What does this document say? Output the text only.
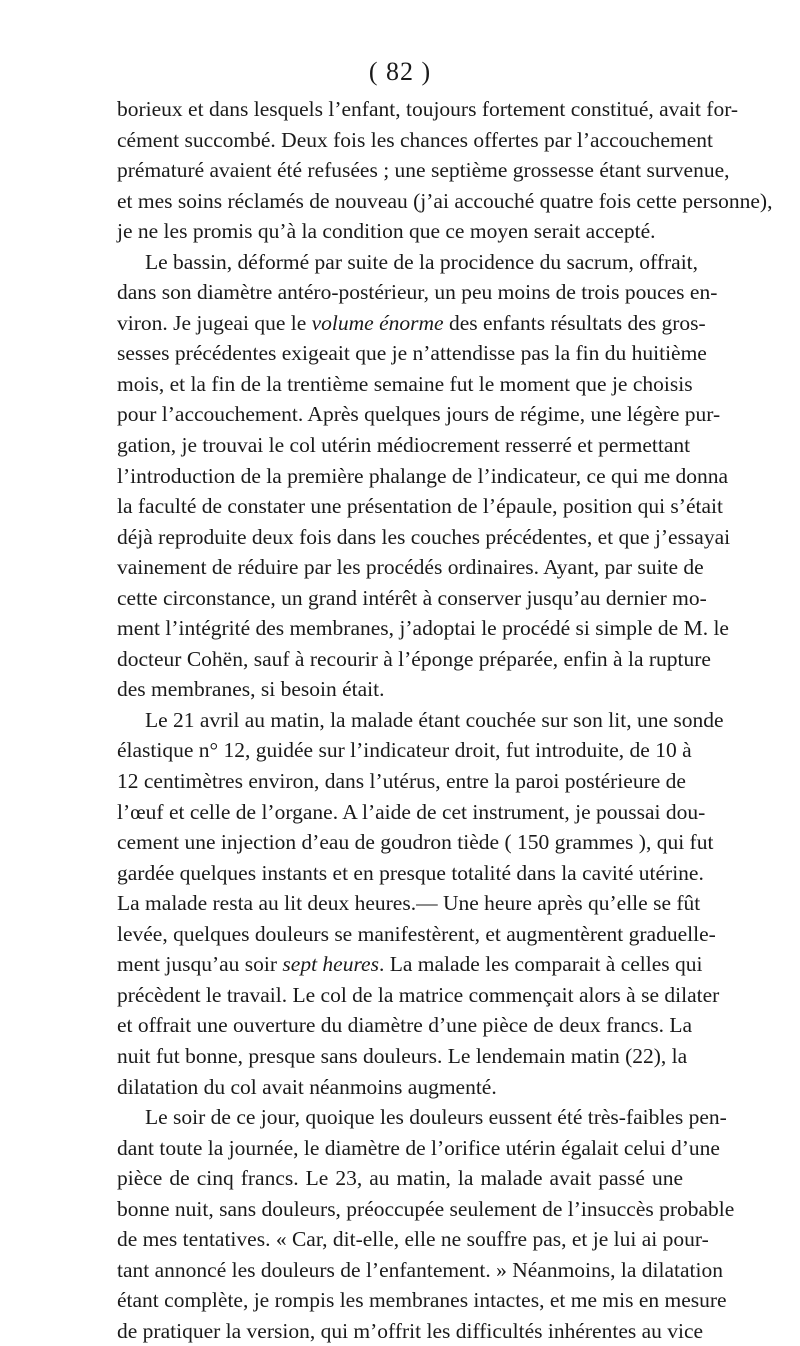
( 82 )
borieux et dans lesquels l’enfant, toujours fortement constitué, avait for-
cément succombé. Deux fois les chances offertes par l’accouchement
prématuré avaient été refusées ; une septième grossesse étant survenue,
et mes soins réclamés de nouveau (j’ai accouché quatre fois cette personne),
je ne les promis qu’à la condition que ce moyen serait accepté.
Le bassin, déformé par suite de la procidence du sacrum, offrait,
dans son diamètre antéro-postérieur, un peu moins de trois pouces en-
viron. Je jugeai que le volume énorme des enfants résultats des gros-
sesses précédentes exigeait que je n’attendisse pas la fin du huitième
mois, et la fin de la trentième semaine fut le moment que je choisis
pour l’accouchement. Après quelques jours de régime, une légère pur-
gation, je trouvai le col utérin médiocrement resserré et permettant
l’introduction de la première phalange de l’indicateur, ce qui me donna
la faculté de constater une présentation de l’épaule, position qui s’était
déjà reproduite deux fois dans les couches précédentes, et que j’essayai
vainement de réduire par les procédés ordinaires. Ayant, par suite de
cette circonstance, un grand intérêt à conserver jusqu’au dernier mo-
ment l’intégrité des membranes, j’adoptai le procédé si simple de M. le
docteur Cohën, sauf à recourir à l’éponge préparée, enfin à la rupture
des membranes, si besoin était.
Le 21 avril au matin, la malade étant couchée sur son lit, une sonde
élastique n° 12, guidée sur l’indicateur droit, fut introduite, de 10 à
12 centimètres environ, dans l’utérus, entre la paroi postérieure de
l’œuf et celle de l’organe. A l’aide de cet instrument, je poussai dou-
cement une injection d’eau de goudron tiède ( 150 grammes ), qui fut
gardée quelques instants et en presque totalité dans la cavité utérine.
La malade resta au lit deux heures.— Une heure après qu’elle se fût
levée, quelques douleurs se manifestèrent, et augmentèrent graduelle-
ment jusqu’au soir sept heures. La malade les comparait à celles qui
précèdent le travail. Le col de la matrice commençait alors à se dilater
et offrait une ouverture du diamètre d’une pièce de deux francs. La
nuit fut bonne, presque sans douleurs. Le lendemain matin (22), la
dilatation du col avait néanmoins augmenté.
Le soir de ce jour, quoique les douleurs eussent été très-faibles pen-
dant toute la journée, le diamètre de l’orifice utérin égalait celui d’une
pièce de cinq francs. Le 23, au matin, la malade avait passé une
bonne nuit, sans douleurs, préoccupée seulement de l’insuccès probable
de mes tentatives. « Car, dit-elle, elle ne souffre pas, et je lui ai pour-
tant annoncé les douleurs de l’enfantement. » Néanmoins, la dilatation
étant complète, je rompis les membranes intactes, et me mis en mesure
de pratiquer la version, qui m’offrit les difficultés inhérentes au vice
